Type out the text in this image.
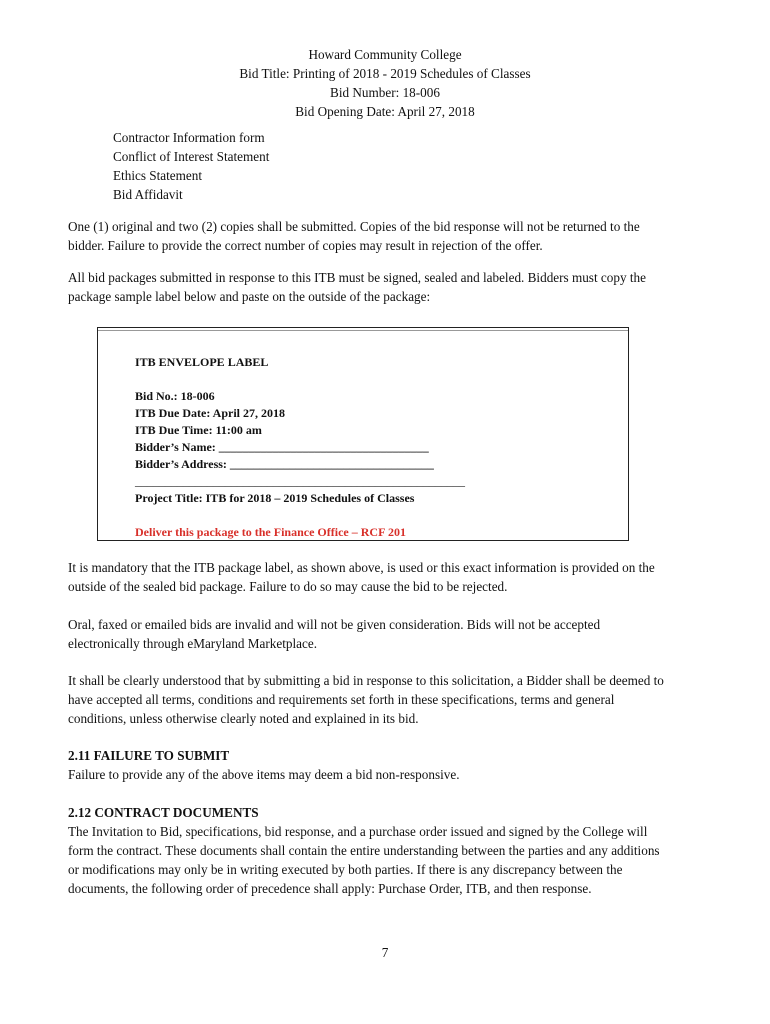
Howard Community College
Bid Title: Printing of 2018 - 2019 Schedules of Classes
Bid Number: 18-006
Bid Opening Date: April 27, 2018
Contractor Information form
Conflict of Interest Statement
Ethics Statement
Bid Affidavit
One (1) original and two (2) copies shall be submitted. Copies of the bid response will not be returned to the
bidder. Failure to provide the correct number of copies may result in rejection of the offer.
All bid packages submitted in response to this ITB must be signed, sealed and labeled. Bidders must copy the
package sample label below and paste on the outside of the package:
ITB ENVELOPE LABEL
Bid No.: 18-006
ITB Due Date: April 27, 2018
ITB Due Time: 11:00 am
Bidder’s Name: ___________________________________
Bidder’s Address: __________________________________
_______________________________________________________
Project Title: ITB for 2018 – 2019 Schedules of Classes
Deliver this package to the Finance Office – RCF 201
It is mandatory that the ITB package label, as shown above, is used or this exact information is provided on the
outside of the sealed bid package. Failure to do so may cause the bid to be rejected.
Oral, faxed or emailed bids are invalid and will not be given consideration. Bids will not be accepted
electronically through eMaryland Marketplace.
It shall be clearly understood that by submitting a bid in response to this solicitation, a Bidder shall be deemed to
have accepted all terms, conditions and requirements set forth in these specifications, terms and general
conditions, unless otherwise clearly noted and explained in its bid.
2.11 FAILURE TO SUBMIT
Failure to provide any of the above items may deem a bid non-responsive.
2.12 CONTRACT DOCUMENTS
The Invitation to Bid, specifications, bid response, and a purchase order issued and signed by the College will
form the contract. These documents shall contain the entire understanding between the parties and any additions
or modifications may only be in writing executed by both parties. If there is any discrepancy between the
documents, the following order of precedence shall apply: Purchase Order, ITB, and then response.
7
